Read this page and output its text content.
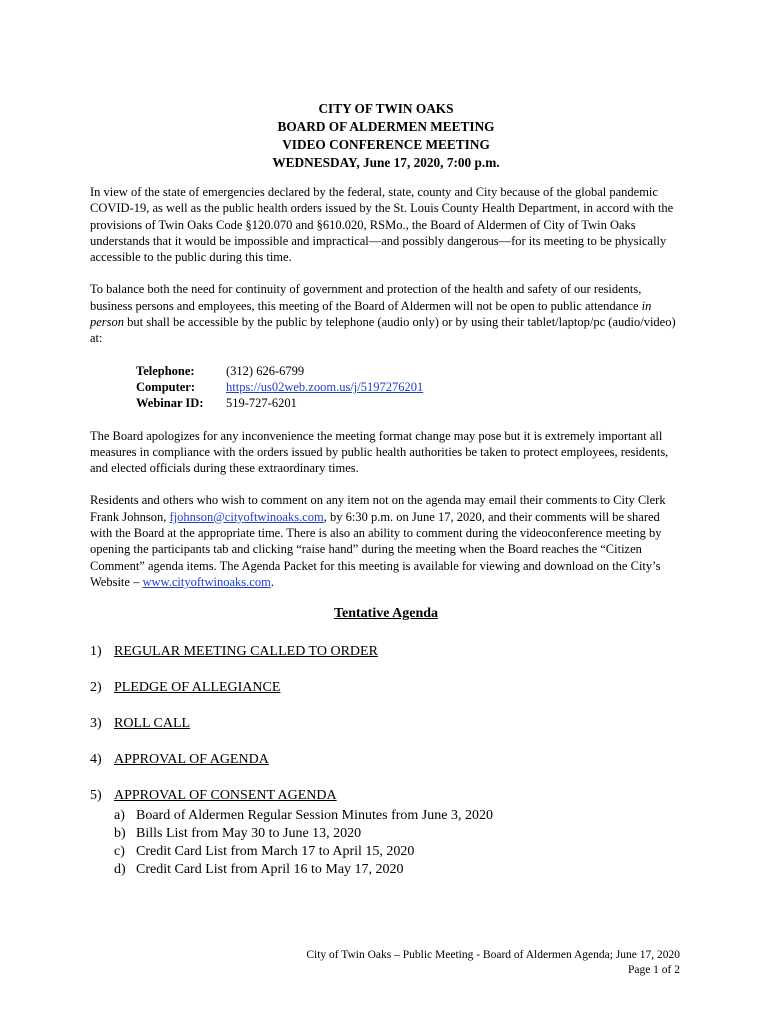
CITY OF TWIN OAKS
BOARD OF ALDERMEN MEETING
VIDEO CONFERENCE MEETING
WEDNESDAY, June 17, 2020, 7:00 p.m.

In view of the state of emergencies declared by the federal, state, county and City because of the global pandemic COVID-19, as well as the public health orders issued by the St. Louis County Health Department, in accord with the provisions of Twin Oaks Code §120.070 and §610.020, RSMo., the Board of Aldermen of City of Twin Oaks understands that it would be impossible and impractical—and possibly dangerous—for its meeting to be physically accessible to the public during this time.

To balance both the need for continuity of government and protection of the health and safety of our residents, business persons and employees, this meeting of the Board of Aldermen will not be open to public attendance in person but shall be accessible by the public by telephone (audio only) or by using their tablet/laptop/pc (audio/video) at:

Telephone:	(312) 626-6799
Computer:	https://us02web.zoom.us/j/5197276201
Webinar ID:	519-727-6201

The Board apologizes for any inconvenience the meeting format change may pose but it is extremely important all measures in compliance with the orders issued by public health authorities be taken to protect employees, residents, and elected officials during these extraordinary times.

Residents and others who wish to comment on any item not on the agenda may email their comments to City Clerk Frank Johnson, fjohnson@cityoftwinoaks.com, by 6:30 p.m. on June 17, 2020, and their comments will be shared with the Board at the appropriate time. There is also an ability to comment during the videoconference meeting by opening the participants tab and clicking “raise hand” during the meeting when the Board reaches the “Citizen Comment” agenda items. The Agenda Packet for this meeting is available for viewing and download on the City’s Website – www.cityoftwinoaks.com.

Tentative Agenda
1) REGULAR MEETING CALLED TO ORDER
2) PLEDGE OF ALLEGIANCE
3) ROLL CALL
4) APPROVAL OF AGENDA
5) APPROVAL OF CONSENT AGENDA
a) Board of Aldermen Regular Session Minutes from June 3, 2020
b) Bills List from May 30 to June 13, 2020
c) Credit Card List from March 17 to April 15, 2020
d) Credit Card List from April 16 to May 17, 2020
City of Twin Oaks – Public Meeting - Board of Aldermen Agenda; June 17, 2020
Page 1 of 2
